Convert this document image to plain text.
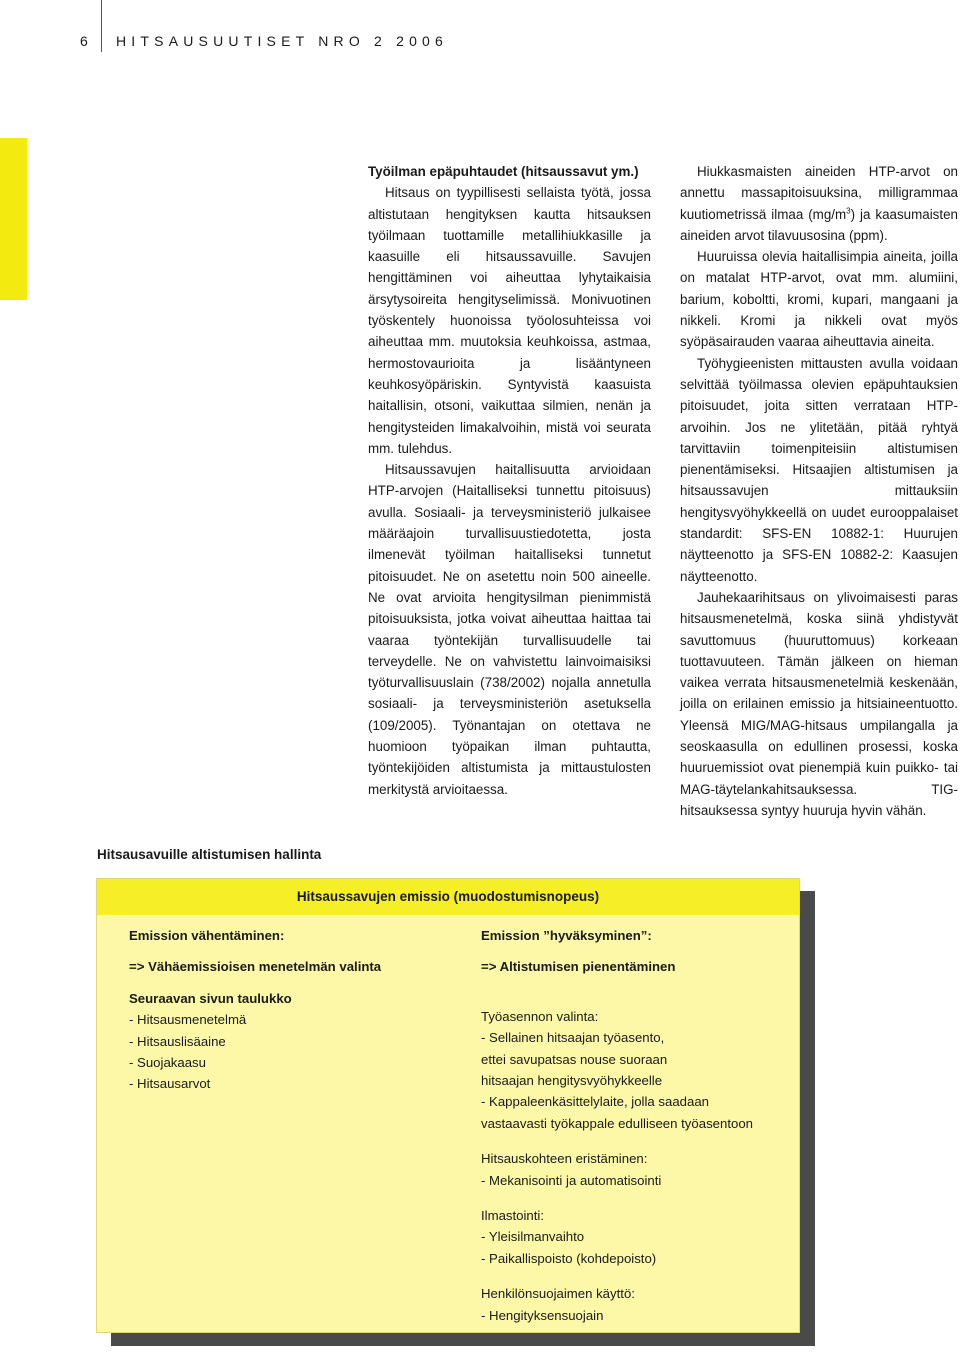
6 HITSAUSUUTISET NRO 2 2006
Työilman epäpuhtaudet (hitsaussavut ym.)

Hitsaus on tyypillisesti sellaista työtä, jossa altistutaan hengityksen kautta hitsauksen työilmaan tuottamille metallihiukkasille ja kaasuille eli hitsaussavuille. Savujen hengittäminen voi aiheuttaa lyhytaikaisia ärsytysoireita hengityselimissä. Monivuotinen työskentely huonoissa työolosuhteissa voi aiheuttaa mm. muutoksia keuhkoissa, astmaa, hermostovaurioita ja lisääntyneen keuhkosyöpäriskin. Syntyvistä kaasuista haitallisin, otsoni, vaikuttaa silmien, nenän ja hengitysteiden limakalvoihin, mistä voi seurata mm. tulehdus.

Hitsaussavujen haitallisuutta arvioidaan HTP-arvojen (Haitalliseksi tunnettu pitoisuus) avulla. Sosiaali- ja terveysministeriö julkaisee määräajoin turvallisuustiedotetta, josta ilmenevät työilman haitalliseksi tunnetut pitoisuudet. Ne on asetettu noin 500 aineelle. Ne ovat arvioita hengitysilman pienimmistä pitoisuuksista, jotka voivat aiheuttaa haittaa tai vaaraa työntekijän turvallisuudelle tai terveydelle. Ne on vahvistettu lainvoimaisiksi työturvallisuuslain (738/2002) nojalla annetulla sosiaali- ja terveysministeriön asetuksella (109/2005). Työnantajan on otettava ne huomioon työpaikan ilman puhtautta, työntekijöiden altistumista ja mittaustulosten merkitystä arvioitaessa.

Hiukkasmaisten aineiden HTP-arvot on annettu massapitoisuuksina, milligrammaa kuutiometrissä ilmaa $(mg/m^3)$ ja kaasumaisten aineiden arvot tilavuusosina (ppm).

Huuruissa olevia haitallisimpia aineita, joilla on matalat HTP-arvot, ovat mm. alumiini, barium, koboltti, kromi, kupari, mangaani ja nikkeli. Kromi ja nikkeli ovat myös syöpäsairauden vaaraa aiheuttavia aineita.

Työhygieenisten mittausten avulla voidaan selvittää työilmassa olevien epäpuhtauksien pitoisuudet, joita sitten verrataan HTP-arvoihin. Jos ne ylitetään, pitää ryhtyä tarvittaviin toimenpiteisiin altistumisen pienentämiseksi. Hitsaajien altistumisen ja hitsaussavujen mittauksiin hengitysvyöhykkeellä on uudet eurooppalaiset standardit: SFS-EN 10882-1: Huurujen näytteenotto ja SFS-EN 10882-2: Kaasujen näytteenotto.

Jauhekaarihitsaus on ylivoimaisesti paras hitsausmenetelmä, koska siinä yhdistyvät savuttomuus (huuruttomuus) korkeaan tuottavuuteen. Tämän jälkeen on hieman vaikea verrata hitsausmenetelmiä keskenään, joilla on erilainen emissio ja hitsiaineentuotto. Yleensä MIG/MAG-hitsaus umpilangalla ja seoskaasulla on edullinen prosessi, koska huuruemissiot ovat pienempiä kuin puikko- tai MAG-täytelankahitsauksessa. TIG-hitsauksessa syntyy huuruja hyvin vähän.

Hitsausavuille altistumisen hallinta
Hitsaussavujen emissio (muodostumisnopeus)
Emission vähentäminen:
=> Vähäemissioisen menetelmän valinta
Seuraavan sivun taulukko
- Hitsausmenetelmä
- Hitsauslisäaine
- Suojakaasu
- Hitsausarvot
Emission ”hyväksyminen”:
=> Altistumisen pienentäminen
Työasennon valinta:
- Sellainen hitsaajan työasento,
ettei savupatsas nouse suoraan
hitsaajan hengitysvyöhykkeelle
- Kappaleenkäsittelylaite, jolla saadaan
vastaavasti työkappale edulliseen työasentoon
Hitsauskohteen eristäminen:
- Mekanisointi ja automatisointi
Ilmastointi:
- Yleisilmanvaihto
- Paikallispoisto (kohdepoisto)
Henkilönsuojaimen käyttö:
- Hengityksensuojain
